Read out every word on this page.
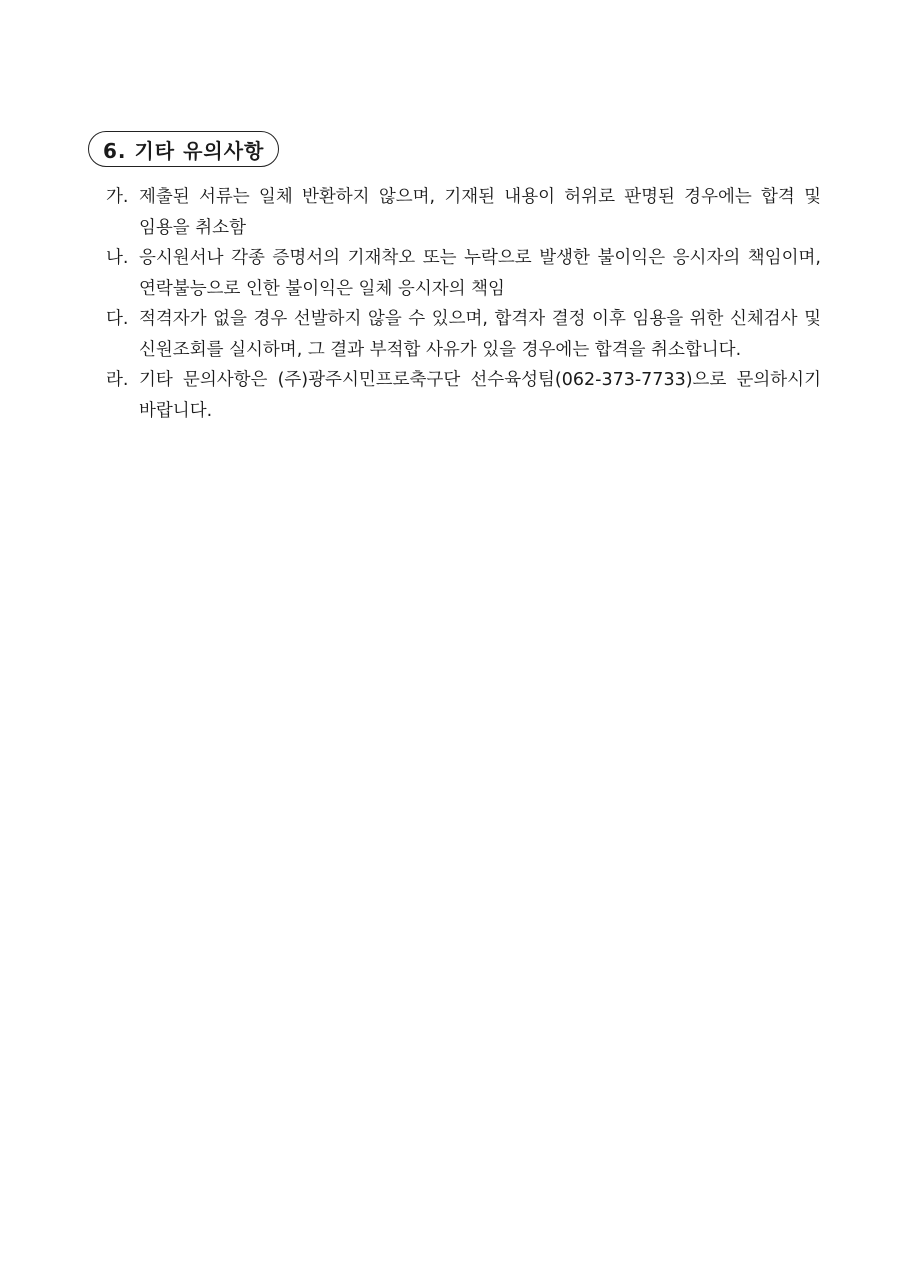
6. 기타 유의사항
가. 제출된 서류는 일체 반환하지 않으며, 기재된 내용이 허위로 판명된 경우에는 합격 및 임용을 취소함
나. 응시원서나 각종 증명서의 기재착오 또는 누락으로 발생한 불이익은 응시자의 책임이며, 연락불능으로 인한 불이익은 일체 응시자의 책임
다. 적격자가 없을 경우 선발하지 않을 수 있으며, 합격자 결정 이후 임용을 위한 신체검사 및 신원조회를 실시하며, 그 결과 부적합 사유가 있을 경우에는 합격을 취소합니다.
라. 기타 문의사항은 (주)광주시민프로축구단 선수육성팀(062-373-7733)으로 문의하시기 바랍니다.
